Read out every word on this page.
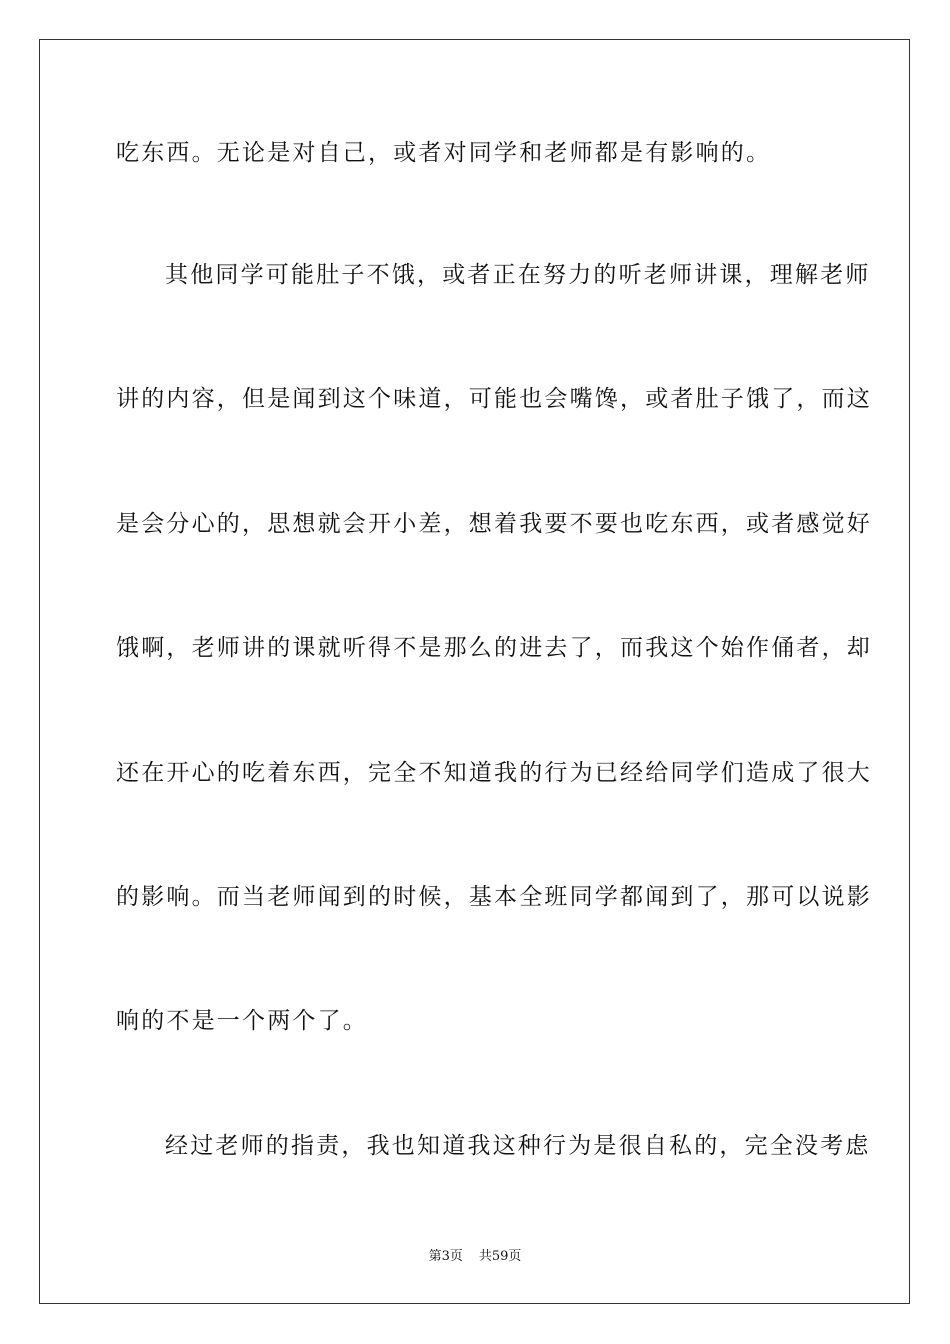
吃东西。无论是对自己，或者对同学和老师都是有影响的。
其他同学可能肚子不饿，或者正在努力的听老师讲课，理解老师
讲的内容，但是闻到这个味道，可能也会嘴馋，或者肚子饿了，而这
是会分心的，思想就会开小差，想着我要不要也吃东西，或者感觉好
饿啊，老师讲的课就听得不是那么的进去了，而我这个始作俑者，却
还在开心的吃着东西，完全不知道我的行为已经给同学们造成了很大
的影响。而当老师闻到的时候，基本全班同学都闻到了，那可以说影
响的不是一个两个了。
经过老师的指责，我也知道我这种行为是很自私的，完全没考虑
第3页 共59页
